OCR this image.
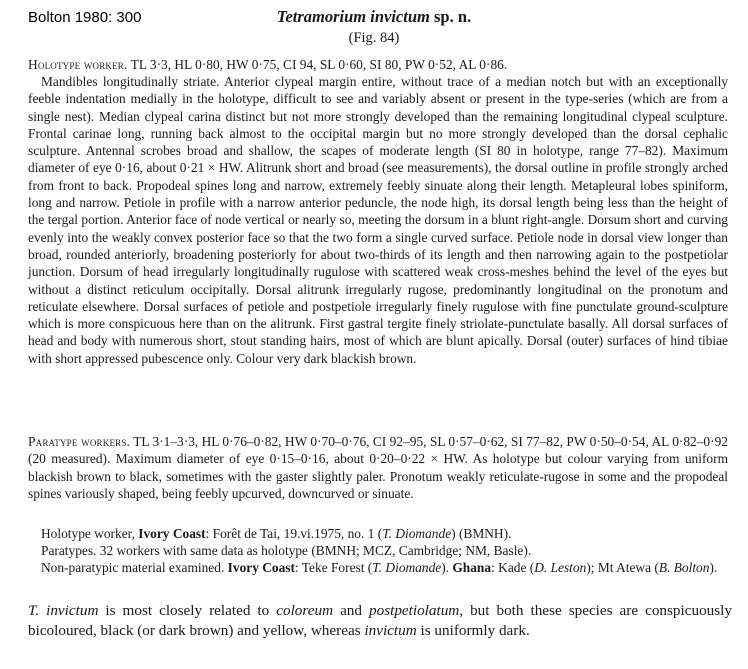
Bolton 1980: 300	Tetramorium invictum sp. n.
(Fig. 84)

Holotype worker. TL 3·3, HL 0·80, HW 0·75, CI 94, SL 0·60, SI 80, PW 0·52, AL 0·86.

Mandibles longitudinally striate. Anterior clypeal margin entire, without trace of a median notch but with an exceptionally feeble indentation medially in the holotype, difficult to see and variably absent or present in the type-series (which are from a single nest). Median clypeal carina distinct but not more strongly developed than the remaining longitudinal clypeal sculpture. Frontal carinae long, running back almost to the occipital margin but no more strongly developed than the dorsal cephalic sculpture. Antennal scrobes broad and shallow, the scapes of moderate length (SI 80 in holotype, range 77–82). Maximum diameter of eye 0·16, about 0·21 × HW. Alitrunk short and broad (see measurements), the dorsal outline in profile strongly arched from front to back. Propodeal spines long and narrow, extremely feebly sinuate along their length. Metapleural lobes spiniform, long and narrow. Petiole in profile with a narrow anterior peduncle, the node high, its dorsal length being less than the height of the tergal portion. Anterior face of node vertical or nearly so, meeting the dorsum in a blunt right-angle. Dorsum short and curving evenly into the weakly convex posterior face so that the two form a single curved surface. Petiole node in dorsal view longer than broad, rounded anteriorly, broadening posteriorly for about two-thirds of its length and then narrowing again to the postpetiolar junction. Dorsum of head irregularly longitudinally rugulose with scattered weak cross-meshes behind the level of the eyes but without a distinct reticulum occipitally. Dorsal alitrunk irregularly rugose, predominantly longitudinal on the pronotum and reticulate elsewhere. Dorsal surfaces of petiole and postpetiole irregularly finely rugulose with fine punctulate ground-sculpture which is more conspicuous here than on the alitrunk. First gastral tergite finely striolate-punctulate basally. All dorsal surfaces of head and body with numerous short, stout standing hairs, most of which are blunt apically. Dorsal (outer) surfaces of hind tibiae with short appressed pubescence only. Colour very dark blackish brown.

Paratype workers. TL 3·1–3·3, HL 0·76–0·82, HW 0·70–0·76, CI 92–95, SL 0·57–0·62, SI 77–82, PW 0·50–0·54, AL 0·82–0·92 (20 measured). Maximum diameter of eye 0·15–0·16, about 0·20–0·22 × HW. As holotype but colour varying from uniform blackish brown to black, sometimes with the gaster slightly paler. Pronotum weakly reticulate-rugose in some and the propodeal spines variously shaped, being feebly upcurved, downcurved or sinuate.

Holotype worker, Ivory Coast: Forêt de Tai, 19.vi.1975, no. 1 (T. Diomande) (BMNH).
Paratypes. 32 workers with same data as holotype (BMNH; MCZ, Cambridge; NM, Basle).
Non-paratypic material examined. Ivory Coast: Teke Forest (T. Diomande). Ghana: Kade (D. Leston); Mt Atewa (B. Bolton).

T. invictum is most closely related to coloreum and postpetiolatum, but both these species are conspicuously bicoloured, black (or dark brown) and yellow, whereas invictum is uniformly dark.
